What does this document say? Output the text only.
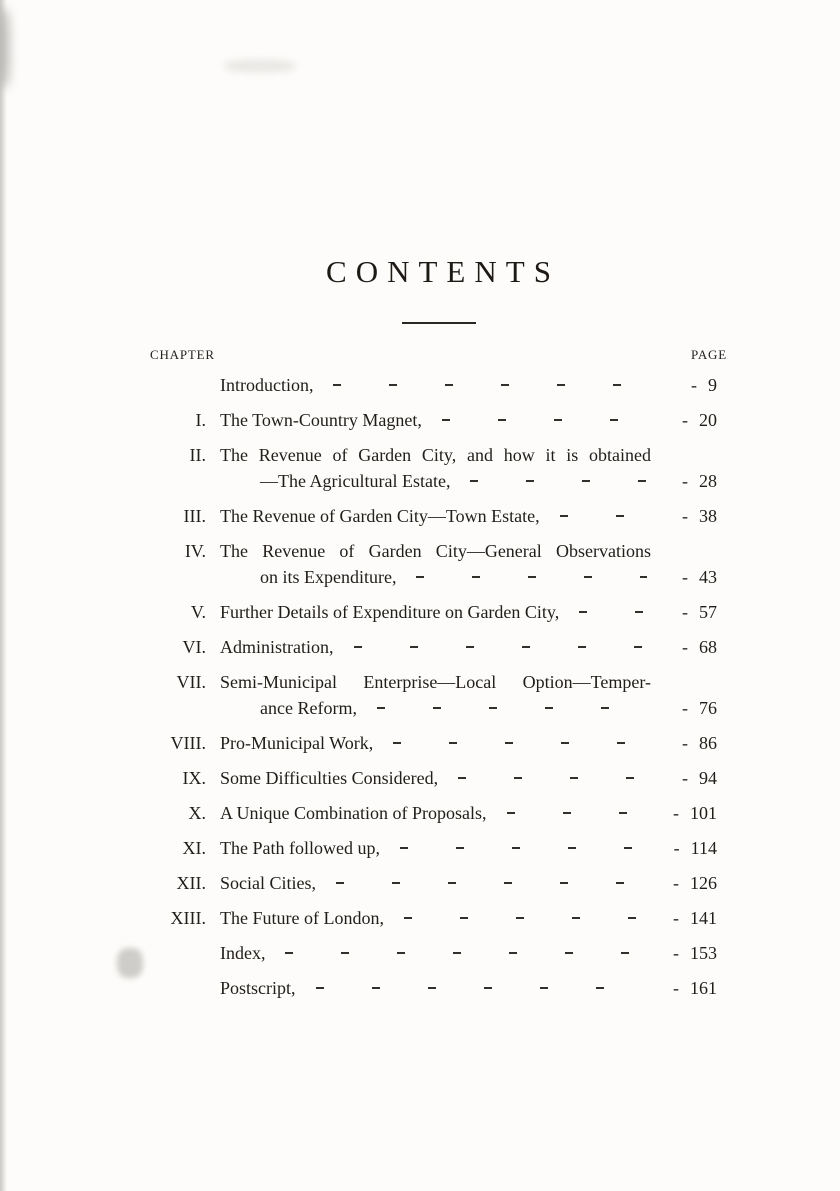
CONTENTS
CHAPTER	PAGE
Introduction,	- 9
I. The Town-Country Magnet,	- 20
II. The Revenue of Garden City, and how it is obtained
—The Agricultural Estate,	- 28
III. The Revenue of Garden City—Town Estate,	- 38
IV. The Revenue of Garden City—General Observations
on its Expenditure,	- 43
V. Further Details of Expenditure on Garden City,	- 57
VI. Administration,	- 68
VII. Semi-Municipal Enterprise—Local Option—Temper-
ance Reform,	- 76
VIII. Pro-Municipal Work,	- 86
IX. Some Difficulties Considered,	- 94
X. A Unique Combination of Proposals,	- 101
XI. The Path followed up,	- 114
XII. Social Cities,	- 126
XIII. The Future of London,	- 141
Index,	- 153
Postscript,	- 161
